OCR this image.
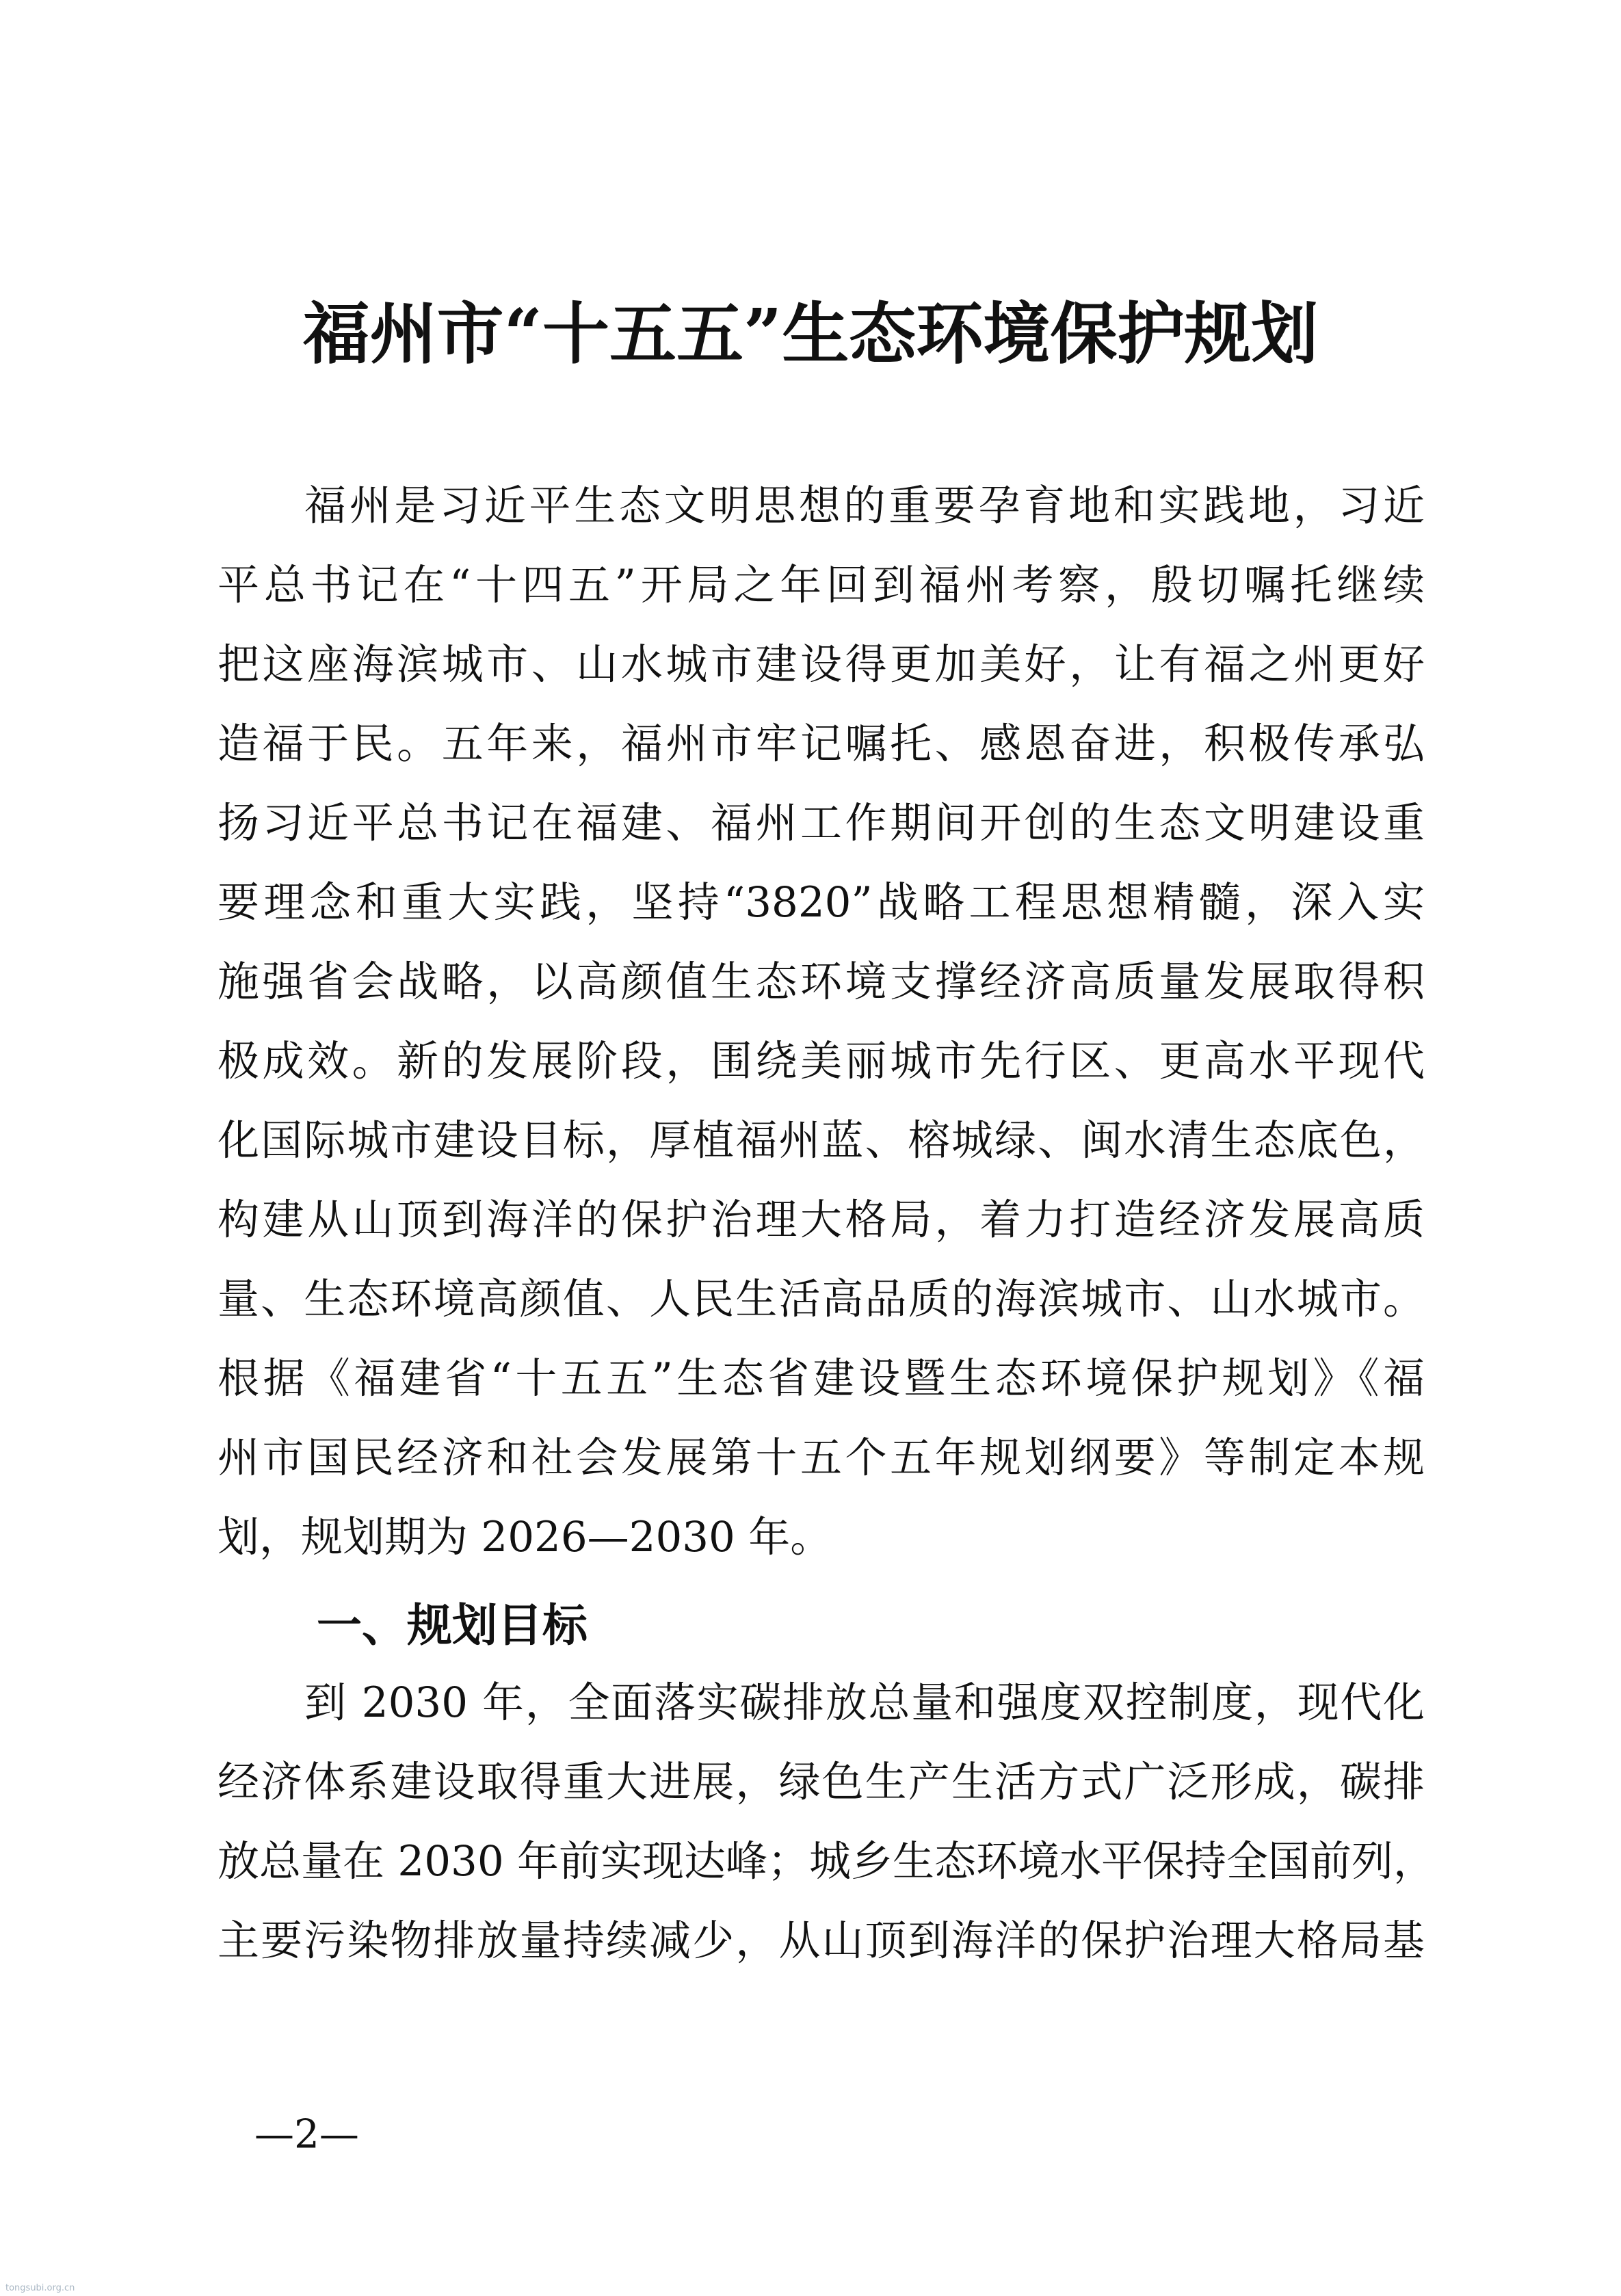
福州市“十五五”生态环境保护规划
福州是习近平生态文明思想的重要孕育地和实践地，习近
平总书记在“十四五”开局之年回到福州考察，殷切嘱托继续
把这座海滨城市、山水城市建设得更加美好，让有福之州更好
造福于民。五年来，福州市牢记嘱托、感恩奋进，积极传承弘
扬习近平总书记在福建、福州工作期间开创的生态文明建设重
要理念和重大实践，坚持“3820”战略工程思想精髓，深入实
施强省会战略，以高颜值生态环境支撑经济高质量发展取得积
极成效。新的发展阶段，围绕美丽城市先行区、更高水平现代
化国际城市建设目标，厚植福州蓝、榕城绿、闽水清生态底色，
构建从山顶到海洋的保护治理大格局，着力打造经济发展高质
量、生态环境高颜值、人民生活高品质的海滨城市、山水城市。
根据《福建省“十五五”生态省建设暨生态环境保护规划》《福
州市国民经济和社会发展第十五个五年规划纲要》等制定本规
划，规划期为 2026—2030 年。
一、规划目标
到 2030 年，全面落实碳排放总量和强度双控制度，现代化
经济体系建设取得重大进展，绿色生产生活方式广泛形成，碳排
放总量在 2030 年前实现达峰；城乡生态环境水平保持全国前列，
主要污染物排放量持续减少，从山顶到海洋的保护治理大格局基
—2—
tongsubi.org.cn
